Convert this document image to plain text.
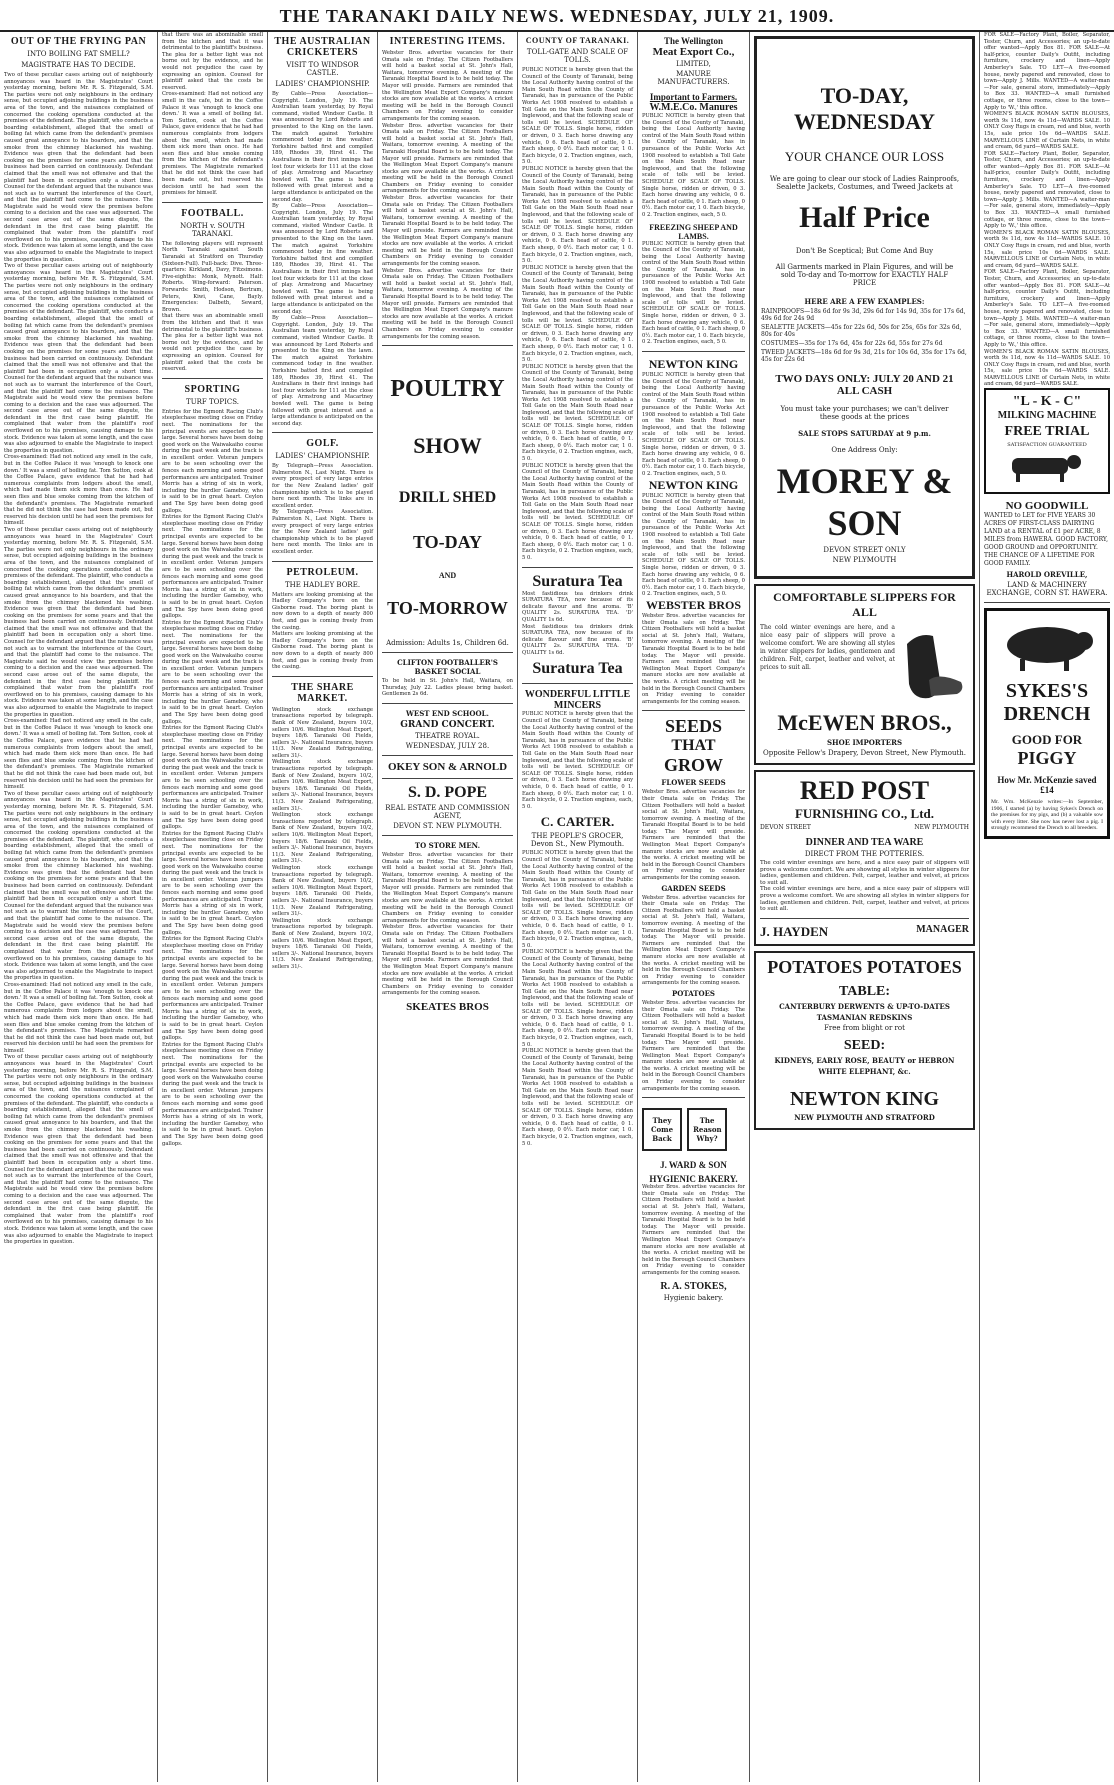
THE TARANAKI DAILY NEWS. WEDNESDAY, JULY 21, 1909.
OUT OF THE FRYING PAN
INTO BOILING FAT SMELL?
MAGISTRATE HAS TO DECIDE.

Two of these peculiar cases arising out of neighbourly annoyances was heard in the Magistrates' Court yesterday morning, before Mr. R. S. Fitzgerald, S.M. The parties were not only neighbours in the ordinary sense, but occupied adjoining buildings in the business area of the town, and the nuisances complained of concerned the cooking operations conducted at the premises of the defendant. The plaintiff, who conducts a boarding establishment, alleged that the smell of boiling fat which came from the defendant's premises caused great annoyance to his boarders, and that the smoke from the chimney blackened his washing. Evidence was given that the defendant had been cooking on the premises for some years and that the business had been carried on continuously. Defendant claimed that the smell was not offensive and that the plaintiff had been in occupation only a short time. Counsel for the defendant argued that the nuisance was not such as to warrant the interference of the Court, and that the plaintiff had come to the nuisance. The Magistrate said he would view the premises before coming to a decision and the case was adjourned. The second case arose out of the same dispute, the defendant in the first case being plaintiff. He complained that water from the plaintiff's roof overflowed on to his premises, causing damage to his stock. Evidence was taken at some length, and the case was also adjourned to enable the Magistrate to inspect the properties in question.

Two of these peculiar cases arising out of neighbourly annoyances was heard in the Magistrates' Court yesterday morning, before Mr. R. S. Fitzgerald, S.M. The parties were not only neighbours in the ordinary sense, but occupied adjoining buildings in the business area of the town, and the nuisances complained of concerned the cooking operations conducted at the premises of the defendant. The plaintiff, who conducts a boarding establishment, alleged that the smell of boiling fat which came from the defendant's premises caused great annoyance to his boarders, and that the smoke from the chimney blackened his washing. Evidence was given that the defendant had been cooking on the premises for some years and that the business had been carried on continuously. Defendant claimed that the smell was not offensive and that the plaintiff had been in occupation only a short time. Counsel for the defendant argued that the nuisance was not such as to warrant the interference of the Court, and that the plaintiff had come to the nuisance. The Magistrate said he would view the premises before coming to a decision and the case was adjourned. The second case arose out of the same dispute, the defendant in the first case being plaintiff. He complained that water from the plaintiff's roof overflowed on to his premises, causing damage to his stock. Evidence was taken at some length, and the case was also adjourned to enable the Magistrate to inspect the properties in question.

Cross-examined: Had not noticed any smell in the cafe, but in the Coffee Palace it was 'enough to knock one down.' It was a smell of boiling fat. Tom Sutton, cook at the Coffee Palace, gave evidence that he had had numerous complaints from lodgers about the smell, which had made them sick more than once. He had seen flies and blue smoke coming from the kitchen of the defendant's premises. The Magistrate remarked that he did not think the case had been made out, but reserved his decision until he had seen the premises for himself.

Two of these peculiar cases arising out of neighbourly annoyances was heard in the Magistrates' Court yesterday morning, before Mr. R. S. Fitzgerald, S.M. The parties were not only neighbours in the ordinary sense, but occupied adjoining buildings in the business area of the town, and the nuisances complained of concerned the cooking operations conducted at the premises of the defendant. The plaintiff, who conducts a boarding establishment, alleged that the smell of boiling fat which came from the defendant's premises caused great annoyance to his boarders, and that the smoke from the chimney blackened his washing. Evidence was given that the defendant had been cooking on the premises for some years and that the business had been carried on continuously. Defendant claimed that the smell was not offensive and that the plaintiff had been in occupation only a short time. Counsel for the defendant argued that the nuisance was not such as to warrant the interference of the Court, and that the plaintiff had come to the nuisance. The Magistrate said he would view the premises before coming to a decision and the case was adjourned. The second case arose out of the same dispute, the defendant in the first case being plaintiff. He complained that water from the plaintiff's roof overflowed on to his premises, causing damage to his stock. Evidence was taken at some length, and the case was also adjourned to enable the Magistrate to inspect the properties in question.

Cross-examined: Had not noticed any smell in the cafe, but in the Coffee Palace it was 'enough to knock one down.' It was a smell of boiling fat. Tom Sutton, cook at the Coffee Palace, gave evidence that he had had numerous complaints from lodgers about the smell, which had made them sick more than once. He had seen flies and blue smoke coming from the kitchen of the defendant's premises. The Magistrate remarked that he did not think the case had been made out, but reserved his decision until he had seen the premises for himself.

Two of these peculiar cases arising out of neighbourly annoyances was heard in the Magistrates' Court yesterday morning, before Mr. R. S. Fitzgerald, S.M. The parties were not only neighbours in the ordinary sense, but occupied adjoining buildings in the business area of the town, and the nuisances complained of concerned the cooking operations conducted at the premises of the defendant. The plaintiff, who conducts a boarding establishment, alleged that the smell of boiling fat which came from the defendant's premises caused great annoyance to his boarders, and that the smoke from the chimney blackened his washing. Evidence was given that the defendant had been cooking on the premises for some years and that the business had been carried on continuously. Defendant claimed that the smell was not offensive and that the plaintiff had been in occupation only a short time. Counsel for the defendant argued that the nuisance was not such as to warrant the interference of the Court, and that the plaintiff had come to the nuisance. The Magistrate said he would view the premises before coming to a decision and the case was adjourned. The second case arose out of the same dispute, the defendant in the first case being plaintiff. He complained that water from the plaintiff's roof overflowed on to his premises, causing damage to his stock. Evidence was taken at some length, and the case was also adjourned to enable the Magistrate to inspect the properties in question.

Cross-examined: Had not noticed any smell in the cafe, but in the Coffee Palace it was 'enough to knock one down.' It was a smell of boiling fat. Tom Sutton, cook at the Coffee Palace, gave evidence that he had had numerous complaints from lodgers about the smell, which had made them sick more than once. He had seen flies and blue smoke coming from the kitchen of the defendant's premises. The Magistrate remarked that he did not think the case had been made out, but reserved his decision until he had seen the premises for himself.

Two of these peculiar cases arising out of neighbourly annoyances was heard in the Magistrates' Court yesterday morning, before Mr. R. S. Fitzgerald, S.M. The parties were not only neighbours in the ordinary sense, but occupied adjoining buildings in the business area of the town, and the nuisances complained of concerned the cooking operations conducted at the premises of the defendant. The plaintiff, who conducts a boarding establishment, alleged that the smell of boiling fat which came from the defendant's premises caused great annoyance to his boarders, and that the smoke from the chimney blackened his washing. Evidence was given that the defendant had been cooking on the premises for some years and that the business had been carried on continuously. Defendant claimed that the smell was not offensive and that the plaintiff had been in occupation only a short time. Counsel for the defendant argued that the nuisance was not such as to warrant the interference of the Court, and that the plaintiff had come to the nuisance. The Magistrate said he would view the premises before coming to a decision and the case was adjourned. The second case arose out of the same dispute, the defendant in the first case being plaintiff. He complained that water from the plaintiff's roof overflowed on to his premises, causing damage to his stock. Evidence was taken at some length, and the case was also adjourned to enable the Magistrate to inspect the properties in question.

that there was an abominable smell from the kitchen and that it was detrimental to the plaintiff's business. The plea for a better light was not borne out by the evidence, and he would not prejudice the case by expressing an opinion. Counsel for plaintiff asked that the costs be reserved.

Cross-examined: Had not noticed any smell in the cafe, but in the Coffee Palace it was 'enough to knock one down.' It was a smell of boiling fat. Tom Sutton, cook at the Coffee Palace, gave evidence that he had had numerous complaints from lodgers about the smell, which had made them sick more than once. He had seen flies and blue smoke coming from the kitchen of the defendant's premises. The Magistrate remarked that he did not think the case had been made out, but reserved his decision until he had seen the premises for himself.

FOOTBALL.
NORTH v. SOUTH TARANAKI.

The following players will represent North Taranaki against South Taranaki at Stratford on Thursday (Sixteen-Full). Full-back: Dive. Three-quarters: Kirkland, Davy, Fitzsimons. Five-eighths: Monk, Mynott. Half: Roberts. Wing-forward: Paterson. Forwards: Smith, Hodson, Bertram, Peters, Kiwi, Cane, Bayly. Emergencies: Dalbeth, Seward, Brown.

that there was an abominable smell from the kitchen and that it was detrimental to the plaintiff's business. The plea for a better light was not borne out by the evidence, and he would not prejudice the case by expressing an opinion. Counsel for plaintiff asked that the costs be reserved.

SPORTING
TURF TOPICS.

Entries for the Egmont Racing Club's steeplechase meeting close on Friday next. The nominations for the principal events are expected to be large. Several horses have been doing good work on the Waiwakaiho course during the past week and the track is in excellent order. Veteran jumpers are to be seen schooling over the fences each morning and some good performances are anticipated. Trainer Morris has a string of six in work, including the hurdler Gameboy, who is said to be in great heart. Ceylon and The Spy have been doing good gallops.

Entries for the Egmont Racing Club's steeplechase meeting close on Friday next. The nominations for the principal events are expected to be large. Several horses have been doing good work on the Waiwakaiho course during the past week and the track is in excellent order. Veteran jumpers are to be seen schooling over the fences each morning and some good performances are anticipated. Trainer Morris has a string of six in work, including the hurdler Gameboy, who is said to be in great heart. Ceylon and The Spy have been doing good gallops.

Entries for the Egmont Racing Club's steeplechase meeting close on Friday next. The nominations for the principal events are expected to be large. Several horses have been doing good work on the Waiwakaiho course during the past week and the track is in excellent order. Veteran jumpers are to be seen schooling over the fences each morning and some good performances are anticipated. Trainer Morris has a string of six in work, including the hurdler Gameboy, who is said to be in great heart. Ceylon and The Spy have been doing good gallops.

Entries for the Egmont Racing Club's steeplechase meeting close on Friday next. The nominations for the principal events are expected to be large. Several horses have been doing good work on the Waiwakaiho course during the past week and the track is in excellent order. Veteran jumpers are to be seen schooling over the fences each morning and some good performances are anticipated. Trainer Morris has a string of six in work, including the hurdler Gameboy, who is said to be in great heart. Ceylon and The Spy have been doing good gallops.

Entries for the Egmont Racing Club's steeplechase meeting close on Friday next. The nominations for the principal events are expected to be large. Several horses have been doing good work on the Waiwakaiho course during the past week and the track is in excellent order. Veteran jumpers are to be seen schooling over the fences each morning and some good performances are anticipated. Trainer Morris has a string of six in work, including the hurdler Gameboy, who is said to be in great heart. Ceylon and The Spy have been doing good gallops.

Entries for the Egmont Racing Club's steeplechase meeting close on Friday next. The nominations for the principal events are expected to be large. Several horses have been doing good work on the Waiwakaiho course during the past week and the track is in excellent order. Veteran jumpers are to be seen schooling over the fences each morning and some good performances are anticipated. Trainer Morris has a string of six in work, including the hurdler Gameboy, who is said to be in great heart. Ceylon and The Spy have been doing good gallops.

Entries for the Egmont Racing Club's steeplechase meeting close on Friday next. The nominations for the principal events are expected to be large. Several horses have been doing good work on the Waiwakaiho course during the past week and the track is in excellent order. Veteran jumpers are to be seen schooling over the fences each morning and some good performances are anticipated. Trainer Morris has a string of six in work, including the hurdler Gameboy, who is said to be in great heart. Ceylon and The Spy have been doing good gallops.

THE AUSTRALIAN CRICKETERS
VISIT TO WINDSOR CASTLE.
LADIES' CHAMPIONSHIP.

By Cable—Press Association—Copyright. London, July 19. The Australian team yesterday, by Royal command, visited Windsor Castle. It was announced by Lord Roberts and presented to the King on the lawn. The match against Yorkshire commenced today in fine weather. Yorkshire batted first and compiled 189, Rhodes 39, Hirst 41. The Australians in their first innings had lost four wickets for 111 at the close of play. Armstrong and Macartney bowled well. The game is being followed with great interest and a large attendance is anticipated on the second day.

By Cable—Press Association—Copyright. London, July 19. The Australian team yesterday, by Royal command, visited Windsor Castle. It was announced by Lord Roberts and presented to the King on the lawn. The match against Yorkshire commenced today in fine weather. Yorkshire batted first and compiled 189, Rhodes 39, Hirst 41. The Australians in their first innings had lost four wickets for 111 at the close of play. Armstrong and Macartney bowled well. The game is being followed with great interest and a large attendance is anticipated on the second day.

By Cable—Press Association—Copyright. London, July 19. The Australian team yesterday, by Royal command, visited Windsor Castle. It was announced by Lord Roberts and presented to the King on the lawn. The match against Yorkshire commenced today in fine weather. Yorkshire batted first and compiled 189, Rhodes 39, Hirst 41. The Australians in their first innings had lost four wickets for 111 at the close of play. Armstrong and Macartney bowled well. The game is being followed with great interest and a large attendance is anticipated on the second day.

GOLF.
LADIES' CHAMPIONSHIP.

By Telegraph—Press Association. Palmerston N., Last Night. There is every prospect of very large entries for the New Zealand ladies' golf championship which is to be played here next month. The links are in excellent order.

By Telegraph—Press Association. Palmerston N., Last Night. There is every prospect of very large entries for the New Zealand ladies' golf championship which is to be played here next month. The links are in excellent order.

PETROLEUM.
THE HADLEY BORE.

Matters are looking promising at the Hadley Company's bore on the Gisborne road. The boring plant is now down to a depth of nearly 800 feet, and gas is coming freely from the casing.

Matters are looking promising at the Hadley Company's bore on the Gisborne road. The boring plant is now down to a depth of nearly 800 feet, and gas is coming freely from the casing.

THE SHARE MARKET.

Wellington stock exchange transactions reported by telegraph. Bank of New Zealand, buyers 10/2, sellers 10/6. Wellington Meat Export, buyers 18/6. Taranaki Oil Fields, sellers 3/-. National Insurance, buyers 11/3. New Zealand Refrigerating, sellers 31/-.

Wellington stock exchange transactions reported by telegraph. Bank of New Zealand, buyers 10/2, sellers 10/6. Wellington Meat Export, buyers 18/6. Taranaki Oil Fields, sellers 3/-. National Insurance, buyers 11/3. New Zealand Refrigerating, sellers 31/-.

Wellington stock exchange transactions reported by telegraph. Bank of New Zealand, buyers 10/2, sellers 10/6. Wellington Meat Export, buyers 18/6. Taranaki Oil Fields, sellers 3/-. National Insurance, buyers 11/3. New Zealand Refrigerating, sellers 31/-.

Wellington stock exchange transactions reported by telegraph. Bank of New Zealand, buyers 10/2, sellers 10/6. Wellington Meat Export, buyers 18/6. Taranaki Oil Fields, sellers 3/-. National Insurance, buyers 11/3. New Zealand Refrigerating, sellers 31/-.

Wellington stock exchange transactions reported by telegraph. Bank of New Zealand, buyers 10/2, sellers 10/6. Wellington Meat Export, buyers 18/6. Taranaki Oil Fields, sellers 3/-. National Insurance, buyers 11/3. New Zealand Refrigerating, sellers 31/-.

INTERESTING ITEMS.

Webster Bros. advertise vacancies for their Omata sale on Friday. The Citizen Footballers will hold a basket social at St. John's Hall, Waitara, tomorrow evening. A meeting of the Taranaki Hospital Board is to be held today. The Mayor will preside. Farmers are reminded that the Wellington Meat Export Company's manure stocks are now available at the works. A cricket meeting will be held in the Borough Council Chambers on Friday evening to consider arrangements for the coming season.

Webster Bros. advertise vacancies for their Omata sale on Friday. The Citizen Footballers will hold a basket social at St. John's Hall, Waitara, tomorrow evening. A meeting of the Taranaki Hospital Board is to be held today. The Mayor will preside. Farmers are reminded that the Wellington Meat Export Company's manure stocks are now available at the works. A cricket meeting will be held in the Borough Council Chambers on Friday evening to consider arrangements for the coming season.

Webster Bros. advertise vacancies for their Omata sale on Friday. The Citizen Footballers will hold a basket social at St. John's Hall, Waitara, tomorrow evening. A meeting of the Taranaki Hospital Board is to be held today. The Mayor will preside. Farmers are reminded that the Wellington Meat Export Company's manure stocks are now available at the works. A cricket meeting will be held in the Borough Council Chambers on Friday evening to consider arrangements for the coming season.

Webster Bros. advertise vacancies for their Omata sale on Friday. The Citizen Footballers will hold a basket social at St. John's Hall, Waitara, tomorrow evening. A meeting of the Taranaki Hospital Board is to be held today. The Mayor will preside. Farmers are reminded that the Wellington Meat Export Company's manure stocks are now available at the works. A cricket meeting will be held in the Borough Council Chambers on Friday evening to consider arrangements for the coming season.

POULTRY
SHOW
DRILL SHED
TO-DAY
AND
TO-MORROW
Admission: Adults 1s, Children 6d.
CLIFTON FOOTBALLER'S BASKET SOCIAL

To be held in St. John's Hall, Waitara, on Thursday, July 22. Ladies please bring basket. Gentlemen 2s 6d.

WEST END SCHOOL.
GRAND CONCERT.
THEATRE ROYAL.
WEDNESDAY, JULY 28.
OKEY SON & ARNOLD
S. D. POPE
REAL ESTATE AND COMMISSION AGENT,
DEVON ST. NEW PLYMOUTH.
TO STORE MEN.

Webster Bros. advertise vacancies for their Omata sale on Friday. The Citizen Footballers will hold a basket social at St. John's Hall, Waitara, tomorrow evening. A meeting of the Taranaki Hospital Board is to be held today. The Mayor will preside. Farmers are reminded that the Wellington Meat Export Company's manure stocks are now available at the works. A cricket meeting will be held in the Borough Council Chambers on Friday evening to consider arrangements for the coming season.

Webster Bros. advertise vacancies for their Omata sale on Friday. The Citizen Footballers will hold a basket social at St. John's Hall, Waitara, tomorrow evening. A meeting of the Taranaki Hospital Board is to be held today. The Mayor will preside. Farmers are reminded that the Wellington Meat Export Company's manure stocks are now available at the works. A cricket meeting will be held in the Borough Council Chambers on Friday evening to consider arrangements for the coming season.

SKEATES BROS
COUNTY OF TARANAKI.
TOLL-GATE AND SCALE OF TOLLS.

PUBLIC NOTICE is hereby given that the Council of the County of Taranaki, being the Local Authority having control of the Main South Road within the County of Taranaki, has in pursuance of the Public Works Act 1908 resolved to establish a Toll Gate on the Main South Road near Inglewood, and that the following scale of tolls will be levied. SCHEDULE OF SCALE OF TOLLS. Single horse, ridden or driven, 0 3. Each horse drawing any vehicle, 0 6. Each head of cattle, 0 1. Each sheep, 0 0½. Each motor car, 1 0. Each bicycle, 0 2. Traction engines, each, 5 0.

PUBLIC NOTICE is hereby given that the Council of the County of Taranaki, being the Local Authority having control of the Main South Road within the County of Taranaki, has in pursuance of the Public Works Act 1908 resolved to establish a Toll Gate on the Main South Road near Inglewood, and that the following scale of tolls will be levied. SCHEDULE OF SCALE OF TOLLS. Single horse, ridden or driven, 0 3. Each horse drawing any vehicle, 0 6. Each head of cattle, 0 1. Each sheep, 0 0½. Each motor car, 1 0. Each bicycle, 0 2. Traction engines, each, 5 0.

PUBLIC NOTICE is hereby given that the Council of the County of Taranaki, being the Local Authority having control of the Main South Road within the County of Taranaki, has in pursuance of the Public Works Act 1908 resolved to establish a Toll Gate on the Main South Road near Inglewood, and that the following scale of tolls will be levied. SCHEDULE OF SCALE OF TOLLS. Single horse, ridden or driven, 0 3. Each horse drawing any vehicle, 0 6. Each head of cattle, 0 1. Each sheep, 0 0½. Each motor car, 1 0. Each bicycle, 0 2. Traction engines, each, 5 0.

PUBLIC NOTICE is hereby given that the Council of the County of Taranaki, being the Local Authority having control of the Main South Road within the County of Taranaki, has in pursuance of the Public Works Act 1908 resolved to establish a Toll Gate on the Main South Road near Inglewood, and that the following scale of tolls will be levied. SCHEDULE OF SCALE OF TOLLS. Single horse, ridden or driven, 0 3. Each horse drawing any vehicle, 0 6. Each head of cattle, 0 1. Each sheep, 0 0½. Each motor car, 1 0. Each bicycle, 0 2. Traction engines, each, 5 0.

PUBLIC NOTICE is hereby given that the Council of the County of Taranaki, being the Local Authority having control of the Main South Road within the County of Taranaki, has in pursuance of the Public Works Act 1908 resolved to establish a Toll Gate on the Main South Road near Inglewood, and that the following scale of tolls will be levied. SCHEDULE OF SCALE OF TOLLS. Single horse, ridden or driven, 0 3. Each horse drawing any vehicle, 0 6. Each head of cattle, 0 1. Each sheep, 0 0½. Each motor car, 1 0. Each bicycle, 0 2. Traction engines, each, 5 0.

Suratura Tea

Most fastidious tea drinkers drink SURATURA TEA, now because of its delicate flavour and fine aroma. 'B' QUALITY 2s. SURATURA TEA. 'D' QUALITY 1s 6d.

Most fastidious tea drinkers drink SURATURA TEA, now because of its delicate flavour and fine aroma. 'B' QUALITY 2s. SURATURA TEA. 'D' QUALITY 1s 6d.

Suratura Tea
WONDERFUL LITTLE MINCERS

PUBLIC NOTICE is hereby given that the Council of the County of Taranaki, being the Local Authority having control of the Main South Road within the County of Taranaki, has in pursuance of the Public Works Act 1908 resolved to establish a Toll Gate on the Main South Road near Inglewood, and that the following scale of tolls will be levied. SCHEDULE OF SCALE OF TOLLS. Single horse, ridden or driven, 0 3. Each horse drawing any vehicle, 0 6. Each head of cattle, 0 1. Each sheep, 0 0½. Each motor car, 1 0. Each bicycle, 0 2. Traction engines, each, 5 0.

C. CARTER.
THE PEOPLE'S GROCER, Devon St., New Plymouth.

PUBLIC NOTICE is hereby given that the Council of the County of Taranaki, being the Local Authority having control of the Main South Road within the County of Taranaki, has in pursuance of the Public Works Act 1908 resolved to establish a Toll Gate on the Main South Road near Inglewood, and that the following scale of tolls will be levied. SCHEDULE OF SCALE OF TOLLS. Single horse, ridden or driven, 0 3. Each horse drawing any vehicle, 0 6. Each head of cattle, 0 1. Each sheep, 0 0½. Each motor car, 1 0. Each bicycle, 0 2. Traction engines, each, 5 0.

PUBLIC NOTICE is hereby given that the Council of the County of Taranaki, being the Local Authority having control of the Main South Road within the County of Taranaki, has in pursuance of the Public Works Act 1908 resolved to establish a Toll Gate on the Main South Road near Inglewood, and that the following scale of tolls will be levied. SCHEDULE OF SCALE OF TOLLS. Single horse, ridden or driven, 0 3. Each horse drawing any vehicle, 0 6. Each head of cattle, 0 1. Each sheep, 0 0½. Each motor car, 1 0. Each bicycle, 0 2. Traction engines, each, 5 0.

PUBLIC NOTICE is hereby given that the Council of the County of Taranaki, being the Local Authority having control of the Main South Road within the County of Taranaki, has in pursuance of the Public Works Act 1908 resolved to establish a Toll Gate on the Main South Road near Inglewood, and that the following scale of tolls will be levied. SCHEDULE OF SCALE OF TOLLS. Single horse, ridden or driven, 0 3. Each horse drawing any vehicle, 0 6. Each head of cattle, 0 1. Each sheep, 0 0½. Each motor car, 1 0. Each bicycle, 0 2. Traction engines, each, 5 0.

The Wellington
Meat Export Co.,
LIMITED,
MANURE MANUFACTURERS.
Important to Farmers.
W.M.E.Co. Manures

PUBLIC NOTICE is hereby given that the Council of the County of Taranaki, being the Local Authority having control of the Main South Road within the County of Taranaki, has in pursuance of the Public Works Act 1908 resolved to establish a Toll Gate on the Main South Road near Inglewood, and that the following scale of tolls will be levied. SCHEDULE OF SCALE OF TOLLS. Single horse, ridden or driven, 0 3. Each horse drawing any vehicle, 0 6. Each head of cattle, 0 1. Each sheep, 0 0½. Each motor car, 1 0. Each bicycle, 0 2. Traction engines, each, 5 0.

FREEZING SHEEP AND LAMBS.

PUBLIC NOTICE is hereby given that the Council of the County of Taranaki, being the Local Authority having control of the Main South Road within the County of Taranaki, has in pursuance of the Public Works Act 1908 resolved to establish a Toll Gate on the Main South Road near Inglewood, and that the following scale of tolls will be levied. SCHEDULE OF SCALE OF TOLLS. Single horse, ridden or driven, 0 3. Each horse drawing any vehicle, 0 6. Each head of cattle, 0 1. Each sheep, 0 0½. Each motor car, 1 0. Each bicycle, 0 2. Traction engines, each, 5 0.

NEWTON KING

PUBLIC NOTICE is hereby given that the Council of the County of Taranaki, being the Local Authority having control of the Main South Road within the County of Taranaki, has in pursuance of the Public Works Act 1908 resolved to establish a Toll Gate on the Main South Road near Inglewood, and that the following scale of tolls will be levied. SCHEDULE OF SCALE OF TOLLS. Single horse, ridden or driven, 0 3. Each horse drawing any vehicle, 0 6. Each head of cattle, 0 1. Each sheep, 0 0½. Each motor car, 1 0. Each bicycle, 0 2. Traction engines, each, 5 0.

NEWTON KING

PUBLIC NOTICE is hereby given that the Council of the County of Taranaki, being the Local Authority having control of the Main South Road within the County of Taranaki, has in pursuance of the Public Works Act 1908 resolved to establish a Toll Gate on the Main South Road near Inglewood, and that the following scale of tolls will be levied. SCHEDULE OF SCALE OF TOLLS. Single horse, ridden or driven, 0 3. Each horse drawing any vehicle, 0 6. Each head of cattle, 0 1. Each sheep, 0 0½. Each motor car, 1 0. Each bicycle, 0 2. Traction engines, each, 5 0.

WEBSTER BROS

Webster Bros. advertise vacancies for their Omata sale on Friday. The Citizen Footballers will hold a basket social at St. John's Hall, Waitara, tomorrow evening. A meeting of the Taranaki Hospital Board is to be held today. The Mayor will preside. Farmers are reminded that the Wellington Meat Export Company's manure stocks are now available at the works. A cricket meeting will be held in the Borough Council Chambers on Friday evening to consider arrangements for the coming season.

SEEDS
THAT
GROW
FLOWER SEEDS

Webster Bros. advertise vacancies for their Omata sale on Friday. The Citizen Footballers will hold a basket social at St. John's Hall, Waitara, tomorrow evening. A meeting of the Taranaki Hospital Board is to be held today. The Mayor will preside. Farmers are reminded that the Wellington Meat Export Company's manure stocks are now available at the works. A cricket meeting will be held in the Borough Council Chambers on Friday evening to consider arrangements for the coming season.

GARDEN SEEDS

Webster Bros. advertise vacancies for their Omata sale on Friday. The Citizen Footballers will hold a basket social at St. John's Hall, Waitara, tomorrow evening. A meeting of the Taranaki Hospital Board is to be held today. The Mayor will preside. Farmers are reminded that the Wellington Meat Export Company's manure stocks are now available at the works. A cricket meeting will be held in the Borough Council Chambers on Friday evening to consider arrangements for the coming season.

POTATOES

Webster Bros. advertise vacancies for their Omata sale on Friday. The Citizen Footballers will hold a basket social at St. John's Hall, Waitara, tomorrow evening. A meeting of the Taranaki Hospital Board is to be held today. The Mayor will preside. Farmers are reminded that the Wellington Meat Export Company's manure stocks are now available at the works. A cricket meeting will be held in the Borough Council Chambers on Friday evening to consider arrangements for the coming season.

They Come Back

The Reason Why?
J. WARD & SON
HYGIENIC BAKERY.

Webster Bros. advertise vacancies for their Omata sale on Friday. The Citizen Footballers will hold a basket social at St. John's Hall, Waitara, tomorrow evening. A meeting of the Taranaki Hospital Board is to be held today. The Mayor will preside. Farmers are reminded that the Wellington Meat Export Company's manure stocks are now available at the works. A cricket meeting will be held in the Borough Council Chambers on Friday evening to consider arrangements for the coming season.

R. A. STOKES,
Hygienic bakery.
TO-DAY, WEDNESDAY
YOUR CHANCE OUR LOSS

We are going to clear our stock of Ladies Rainproofs, Sealette Jackets, Costumes, and Tweed Jackets at

Half Price
Don't Be Sceptical; But Come And Buy

All Garments marked in Plain Figures, and will be sold To-day and To-morrow for EXACTLY HALF PRICE

HERE ARE A FEW EXAMPLES:
RAINPROOFS—18s 6d for 9s 3d, 29s 6d for 14s 9d, 35s for 17s 6d, 49s 6d for 24s 9d
SEALETTE JACKETS—45s for 22s 6d, 50s for 25s, 65s for 32s 6d, 80s for 40s
COSTUMES—35s for 17s 6d, 45s for 22s 6d, 55s for 27s 6d
TWEED JACKETS—18s 6d for 9s 3d, 21s for 10s 6d, 35s for 17s 6d, 45s for 22s 6d
TWO DAYS ONLY: JULY 20 AND 21
ALL CASH

You must take your purchases; we can't deliver these goods at the prices

SALE STOPS SATURDAY at 9 p.m.
One Address Only:
MOREY & SON
DEVON STREET ONLY
NEW PLYMOUTH
COMFORTABLE SLIPPERS FOR ALL

The cold winter evenings are here, and a nice easy pair of slippers will prove a welcome comfort. We are showing all styles in winter slippers for ladies, gentlemen and children. Felt, carpet, leather and velvet, at prices to suit all.

McEWEN BROS.,
SHOE IMPORTERS
Opposite Fellow's Drapery, Devon Street, New Plymouth.
RED POST
FURNISHING CO., Ltd.
DEVON STREET	NEW PLYMOUTH
DINNER AND TEA WARE
DIRECT FROM THE POTTERIES.

The cold winter evenings are here, and a nice easy pair of slippers will prove a welcome comfort. We are showing all styles in winter slippers for ladies, gentlemen and children. Felt, carpet, leather and velvet, at prices to suit all.

The cold winter evenings are here, and a nice easy pair of slippers will prove a welcome comfort. We are showing all styles in winter slippers for ladies, gentlemen and children. Felt, carpet, leather and velvet, at prices to suit all.

J. HAYDEN	MANAGER
POTATOES POTATOES
TABLE:
CANTERBURY DERWENTS & UP-TO-DATES
TASMANIAN REDSKINS
Free from blight or rot
SEED:
KIDNEYS, EARLY ROSE, BEAUTY or HEBRON
WHITE ELEPHANT, &c.
NEWTON KING
NEW PLYMOUTH AND STRATFORD

FOR SALE—Factory Plant, Boiler, Separator, Tester, Churn, and Accessories; an up-to-date offer wanted—Apply Box 81. FOR SALE—At half-price, counter Daily's Outfit, including furniture, crockery and linen—Apply Amberley's Sale. TO LET—A five-roomed house, newly papered and renovated, close to town—Apply J. Mills. WANTED—A waiter-man—For sale, general store, immediately—Apply to Box 33. WANTED—A small furnished cottage, or three rooms, close to the town—Apply to 'W.,' this office.

WOMEN'S BLACK ROMAN SATIN BLOUSES, worth 9s 11d, now 4s 11d—WARDS SALE. 10 ONLY Cosy Rugs in cream, red and blue, worth 15s, sale price 10s 6d—WARDS SALE. MARVELLOUS LINE of Curtain Nets, in white and cream, 6d yard—WARDS SALE.

FOR SALE—Factory Plant, Boiler, Separator, Tester, Churn, and Accessories; an up-to-date offer wanted—Apply Box 81. FOR SALE—At half-price, counter Daily's Outfit, including furniture, crockery and linen—Apply Amberley's Sale. TO LET—A five-roomed house, newly papered and renovated, close to town—Apply J. Mills. WANTED—A waiter-man—For sale, general store, immediately—Apply to Box 33. WANTED—A small furnished cottage, or three rooms, close to the town—Apply to 'W.,' this office.

WOMEN'S BLACK ROMAN SATIN BLOUSES, worth 9s 11d, now 4s 11d—WARDS SALE. 10 ONLY Cosy Rugs in cream, red and blue, worth 15s, sale price 10s 6d—WARDS SALE. MARVELLOUS LINE of Curtain Nets, in white and cream, 6d yard—WARDS SALE.

FOR SALE—Factory Plant, Boiler, Separator, Tester, Churn, and Accessories; an up-to-date offer wanted—Apply Box 81. FOR SALE—At half-price, counter Daily's Outfit, including furniture, crockery and linen—Apply Amberley's Sale. TO LET—A five-roomed house, newly papered and renovated, close to town—Apply J. Mills. WANTED—A waiter-man—For sale, general store, immediately—Apply to Box 33. WANTED—A small furnished cottage, or three rooms, close to the town—Apply to 'W.,' this office.

WOMEN'S BLACK ROMAN SATIN BLOUSES, worth 9s 11d, now 4s 11d—WARDS SALE. 10 ONLY Cosy Rugs in cream, red and blue, worth 15s, sale price 10s 6d—WARDS SALE. MARVELLOUS LINE of Curtain Nets, in white and cream, 6d yard—WARDS SALE.

"L - K - C"
MILKING MACHINE
FREE TRIAL
SATISFACTION GUARANTEED
NO GOODWILL

WANTED to LET for FIVE YEARS 30 ACRES OF FIRST-CLASS DAIRYING LAND at a RENTAL of £1 per ACRE, 8 MILES from HAWERA. GOOD FACTORY, GOOD GROUND and OPPORTUNITY. THE CHANCE OF A LIFETIME FOR GOOD FAMILY.

HAROLD OREVILLE,
LAND & MACHINERY EXCHANGE, CORN ST. HAWERA.
SYKES'S
DRENCH
GOOD FOR
PIGGY
How Mr. McKenzie saved £14

Mr. Wm. McKenzie writes:—In September, 1906, I started (a) by having Sykes's Drench on the premises for my pigs, and (b) a valuable sow with every litter. She now has never lost a pig. I strongly recommend the Drench to all breeders.
